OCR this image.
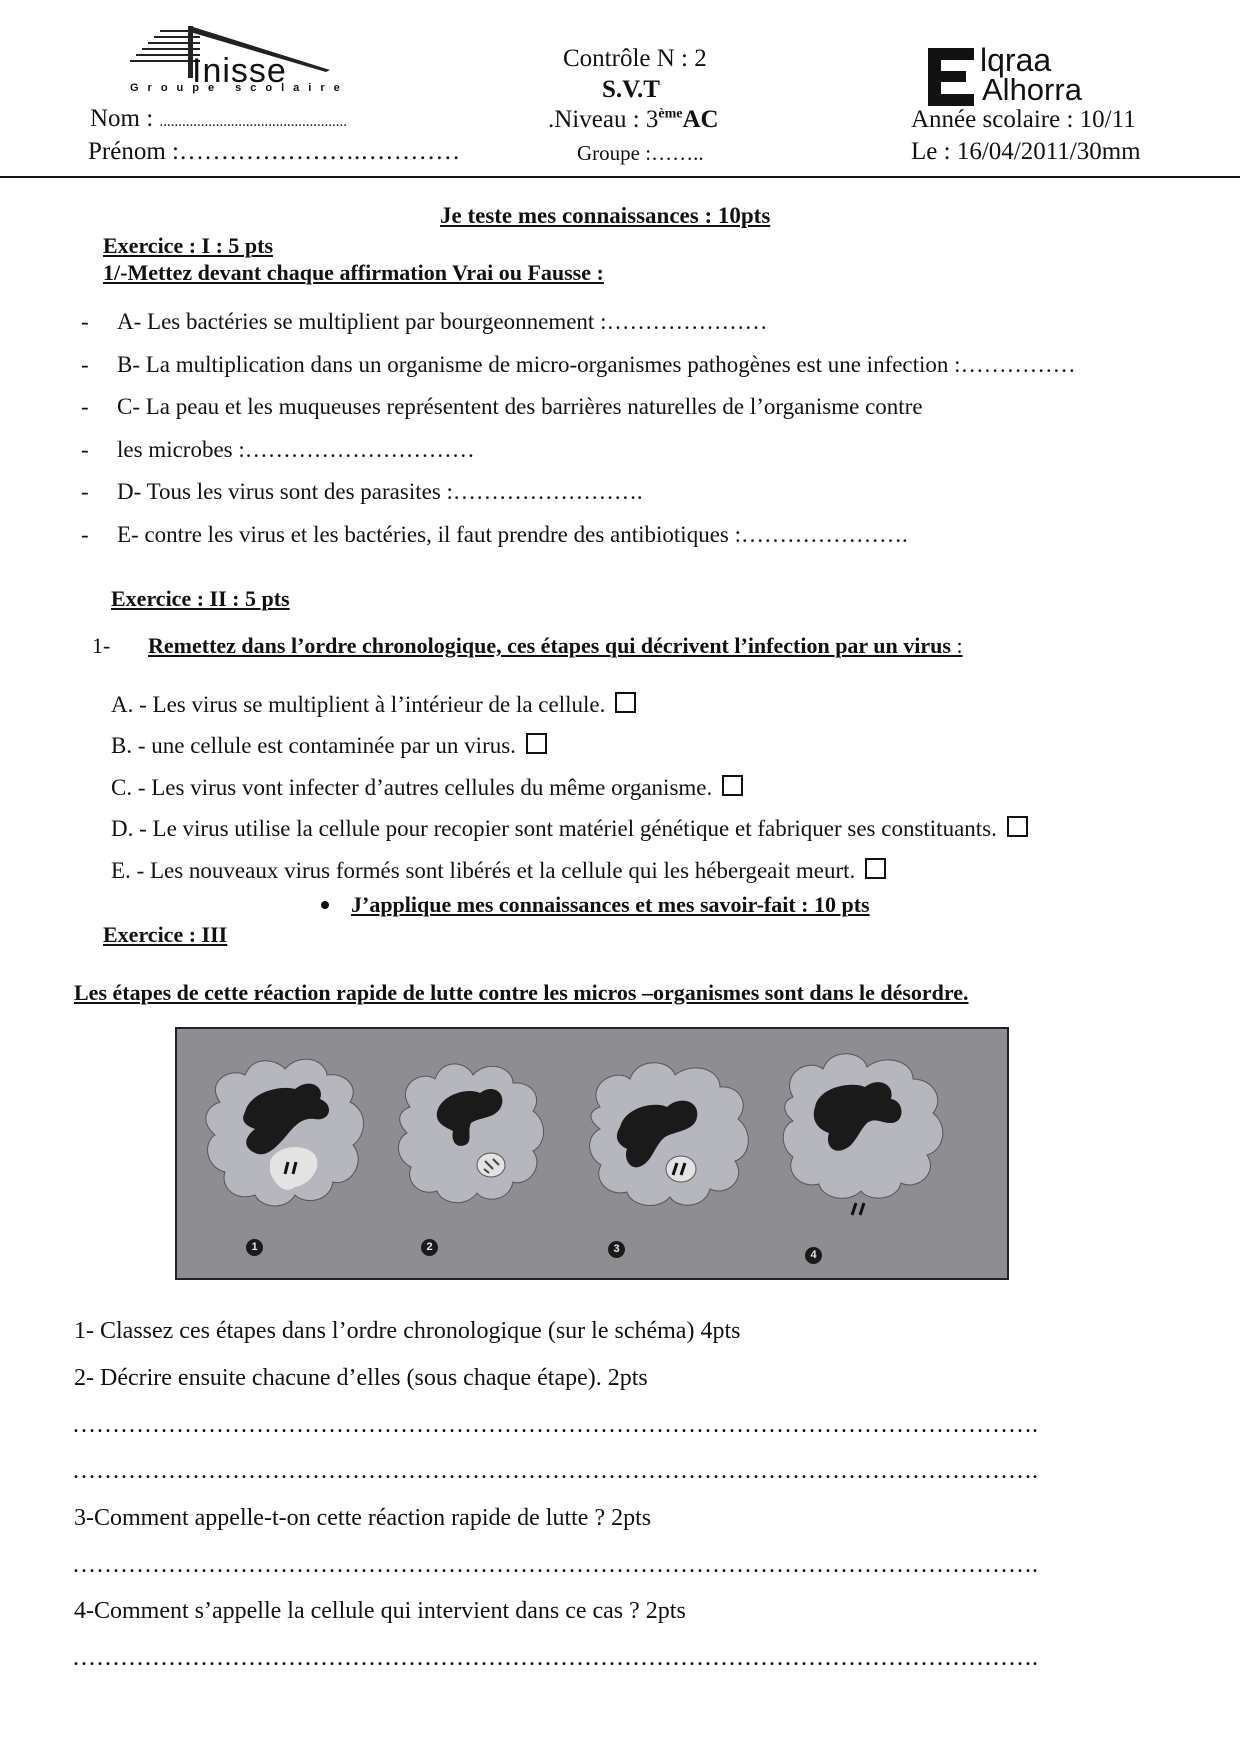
Inisse
Groupe scolaire
Nom : ..................................................
Prénom :………………….…………
Contrôle N : 2
S.V.T
.Niveau : 3èmeAC
Groupe :……..
lqraa
Alhorra
Année scolaire : 10/11
Le : 16/04/2011/30mm
Je teste mes connaissances : 10pts
Exercice : I : 5 pts
1/-Mettez devant chaque affirmation Vrai ou Fausse :
- A- Les bactéries se multiplient par bourgeonnement :…………………
- B- La multiplication dans un organisme de micro-organismes pathogènes est une infection :……………
- C- La peau et les muqueuses représentent des barrières naturelles de l’organisme contre
- les microbes :…………………………
- D- Tous les virus sont des parasites :…………………….
- E- contre les virus et les bactéries, il faut prendre des antibiotiques :………………….
Exercice : II : 5 pts
1- Remettez dans l’ordre chronologique, ces étapes qui décrivent l’infection par un virus :
A. - Les virus se multiplient à l’intérieur de la cellule.
B. - une cellule est contaminée par un virus.
C. - Les virus vont infecter d’autres cellules du même organisme.
D. - Le virus utilise la cellule pour recopier sont matériel génétique et fabriquer ses constituants.
E. - Les nouveaux virus formés sont libérés et la cellule qui les hébergeait meurt.
J’applique mes connaissances et mes savoir-fait : 10 pts
Exercice : III
Les étapes de cette réaction rapide de lutte contre les micros –organismes sont dans le désordre.
1	2	3	4
1- Classez ces étapes dans l’ordre chronologique (sur le schéma) 4pts
2- Décrire ensuite chacune d’elles (sous chaque étape). 2pts
………………………………………………………………………………………………………….
………………………………………………………………………………………………………….
3-Comment appelle-t-on cette réaction rapide de lutte ? 2pts
………………………………………………………………………………………………………….
4-Comment s’appelle la cellule qui intervient dans ce cas ? 2pts
………………………………………………………………………………………………………….
